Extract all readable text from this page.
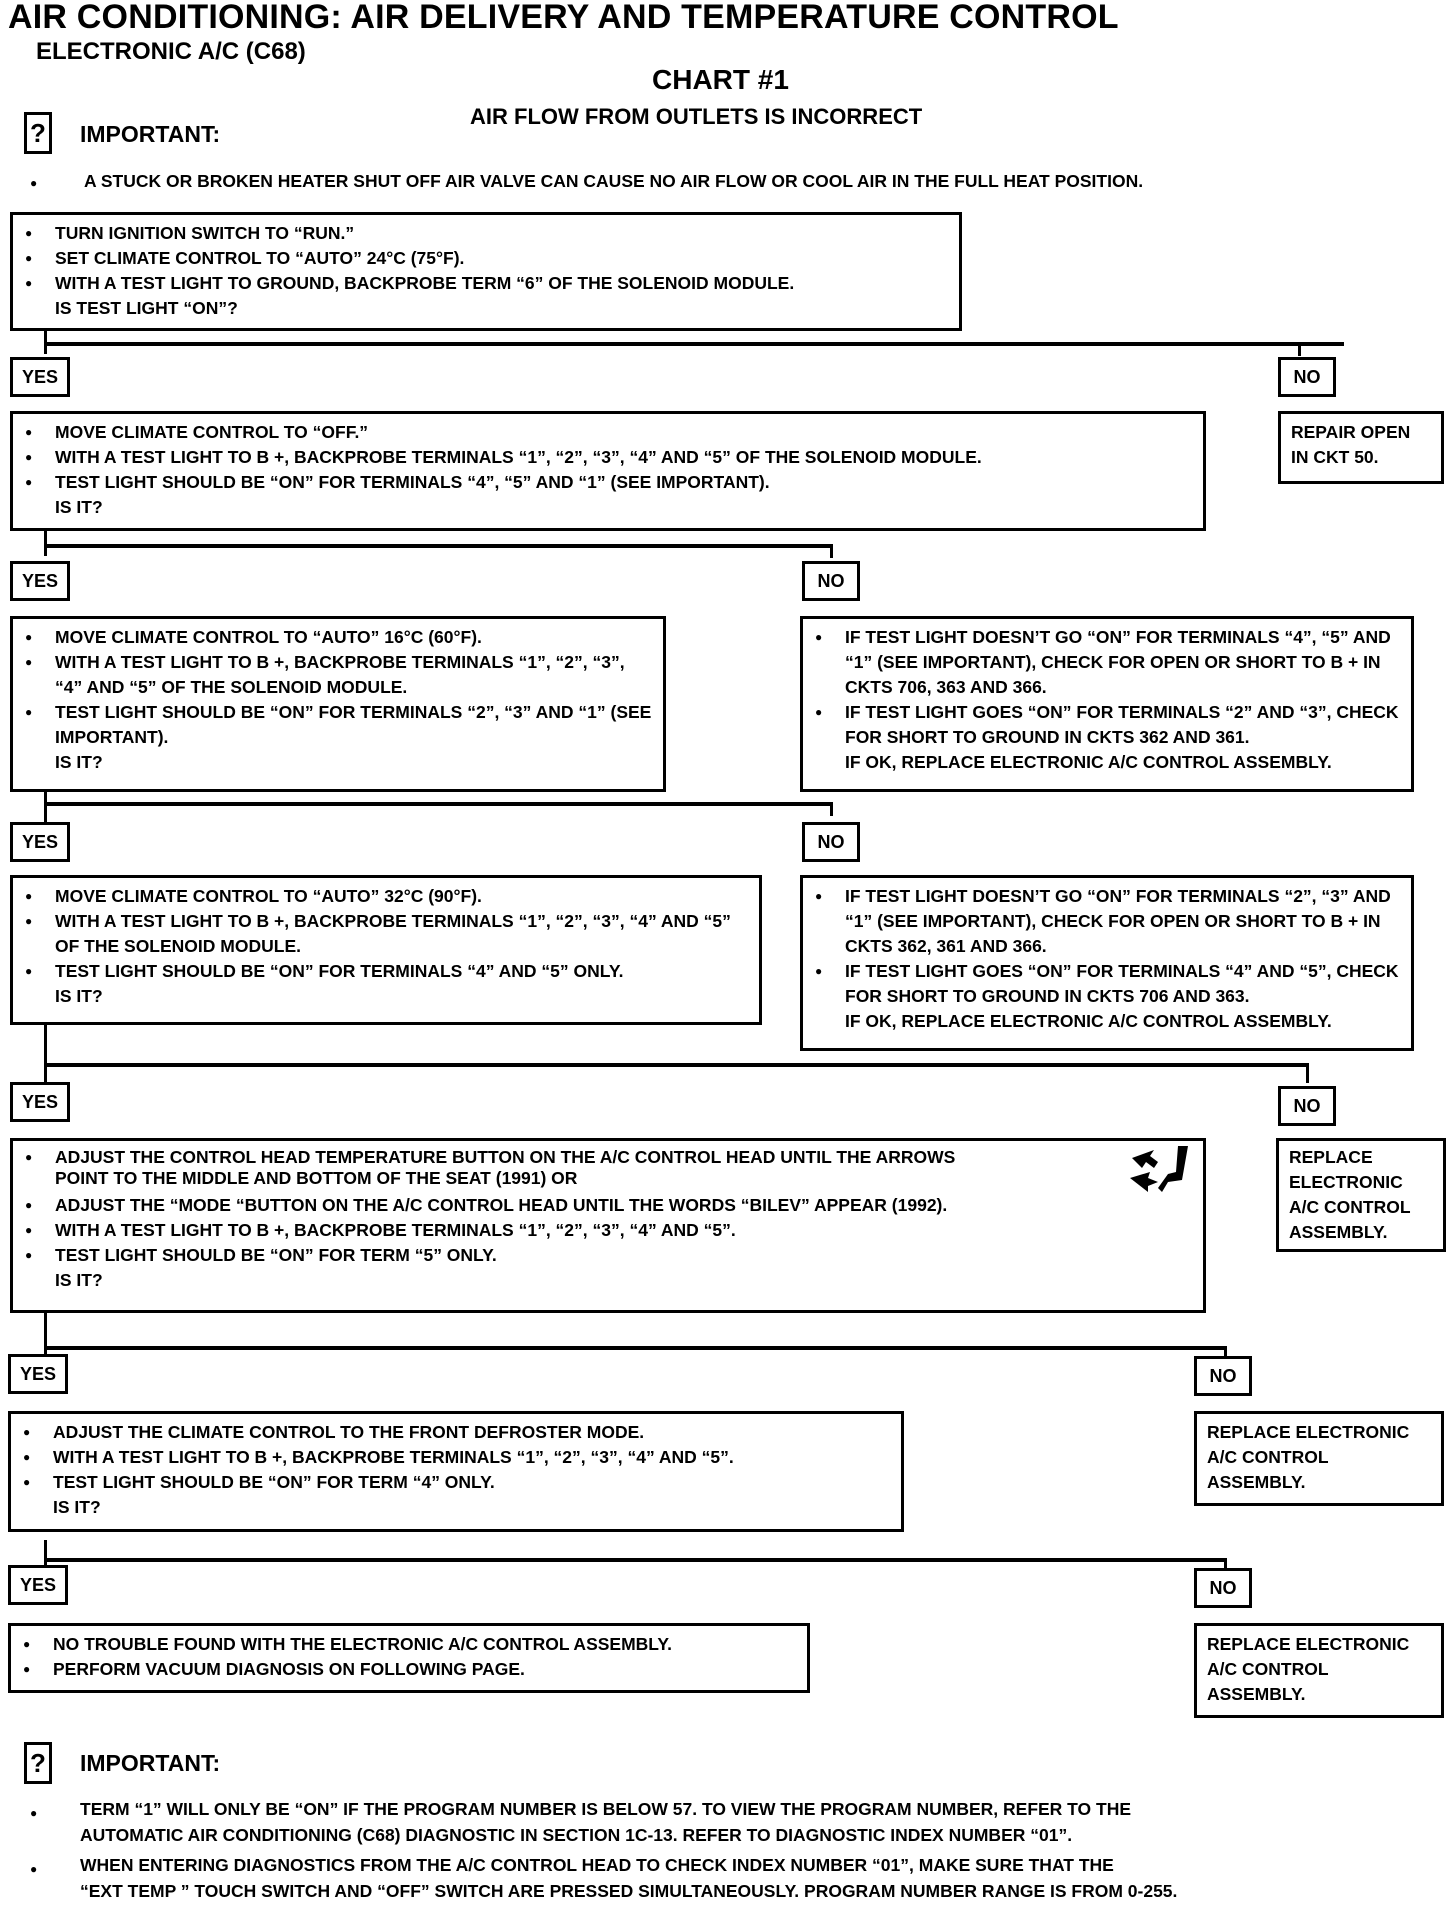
AIR CONDITIONING: AIR DELIVERY AND TEMPERATURE CONTROL
ELECTRONIC A/C (C68)
CHART #1
AIR FLOW FROM OUTLETS IS INCORRECT
? IMPORTANT:
●	A STUCK OR BROKEN HEATER SHUT OFF AIR VALVE CAN CAUSE NO AIR FLOW OR COOL AIR IN THE FULL HEAT POSITION.
● TURN IGNITION SWITCH TO “RUN.”
● SET CLIMATE CONTROL TO “AUTO” 24°C (75°F).
● WITH A TEST LIGHT TO GROUND, BACKPROBE TERM “6” OF THE SOLENOID MODULE.
IS TEST LIGHT “ON”?
YES	NO
REPAIR OPEN
IN CKT 50.
● MOVE CLIMATE CONTROL TO “OFF.”
● WITH A TEST LIGHT TO B +, BACKPROBE TERMINALS “1”, “2”, “3”, “4” AND “5” OF THE SOLENOID MODULE.
● TEST LIGHT SHOULD BE “ON” FOR TERMINALS “4”, “5” AND “1” (SEE IMPORTANT).
IS IT?
YES	NO
● MOVE CLIMATE CONTROL TO “AUTO” 16°C (60°F).
● WITH A TEST LIGHT TO B +, BACKPROBE TERMINALS “1”, “2”, “3”, “4” AND “5” OF THE SOLENOID MODULE.
● TEST LIGHT SHOULD BE “ON” FOR TERMINALS “2”, “3” AND “1” (SEE IMPORTANT).
IS IT?
● IF TEST LIGHT DOESN’T GO “ON” FOR TERMINALS “4”, “5” AND “1” (SEE IMPORTANT), CHECK FOR OPEN OR SHORT TO B + IN CKTS 706, 363 AND 366.
● IF TEST LIGHT GOES “ON” FOR TERMINALS “2” AND “3”, CHECK FOR SHORT TO GROUND IN CKTS 362 AND 361.
IF OK, REPLACE ELECTRONIC A/C CONTROL ASSEMBLY.
YES	NO
● MOVE CLIMATE CONTROL TO “AUTO” 32°C (90°F).
● WITH A TEST LIGHT TO B +, BACKPROBE TERMINALS “1”, “2”, “3”, “4” AND “5” OF THE SOLENOID MODULE.
● TEST LIGHT SHOULD BE “ON” FOR TERMINALS “4” AND “5” ONLY.
IS IT?
● IF TEST LIGHT DOESN’T GO “ON” FOR TERMINALS “2”, “3” AND “1” (SEE IMPORTANT), CHECK FOR OPEN OR SHORT TO B + IN CKTS 362, 361 AND 366.
● IF TEST LIGHT GOES “ON” FOR TERMINALS “4” AND “5”, CHECK FOR SHORT TO GROUND IN CKTS 706 AND 363.
IF OK, REPLACE ELECTRONIC A/C CONTROL ASSEMBLY.
YES	NO
● ADJUST THE CONTROL HEAD TEMPERATURE BUTTON ON THE A/C CONTROL HEAD UNTIL THE ARROWS
POINT TO THE MIDDLE AND BOTTOM OF THE SEAT (1991) OR
● ADJUST THE “MODE “BUTTON ON THE A/C CONTROL HEAD UNTIL THE WORDS “BILEV” APPEAR (1992).
● WITH A TEST LIGHT TO B +, BACKPROBE TERMINALS “1”, “2”, “3”, “4” AND “5”.
● TEST LIGHT SHOULD BE “ON” FOR TERM “5” ONLY.
IS IT?
REPLACE
ELECTRONIC
A/C CONTROL
ASSEMBLY.
YES	NO
● ADJUST THE CLIMATE CONTROL TO THE FRONT DEFROSTER MODE.
● WITH A TEST LIGHT TO B +, BACKPROBE TERMINALS “1”, “2”, “3”, “4” AND “5”.
● TEST LIGHT SHOULD BE “ON” FOR TERM “4” ONLY.
IS IT?
REPLACE ELECTRONIC
A/C CONTROL
ASSEMBLY.
YES	NO
● NO TROUBLE FOUND WITH THE ELECTRONIC A/C CONTROL ASSEMBLY.
● PERFORM VACUUM DIAGNOSIS ON FOLLOWING PAGE.
REPLACE ELECTRONIC
A/C CONTROL
ASSEMBLY.
? IMPORTANT:
● TERM “1” WILL ONLY BE “ON” IF THE PROGRAM NUMBER IS BELOW 57. TO VIEW THE PROGRAM NUMBER, REFER TO THE
AUTOMATIC AIR CONDITIONING (C68) DIAGNOSTIC IN SECTION 1C-13. REFER TO DIAGNOSTIC INDEX NUMBER “01”.
● WHEN ENTERING DIAGNOSTICS FROM THE A/C CONTROL HEAD TO CHECK INDEX NUMBER “01”, MAKE SURE THAT THE
“EXT TEMP ” TOUCH SWITCH AND “OFF” SWITCH ARE PRESSED SIMULTANEOUSLY. PROGRAM NUMBER RANGE IS FROM 0-255.
